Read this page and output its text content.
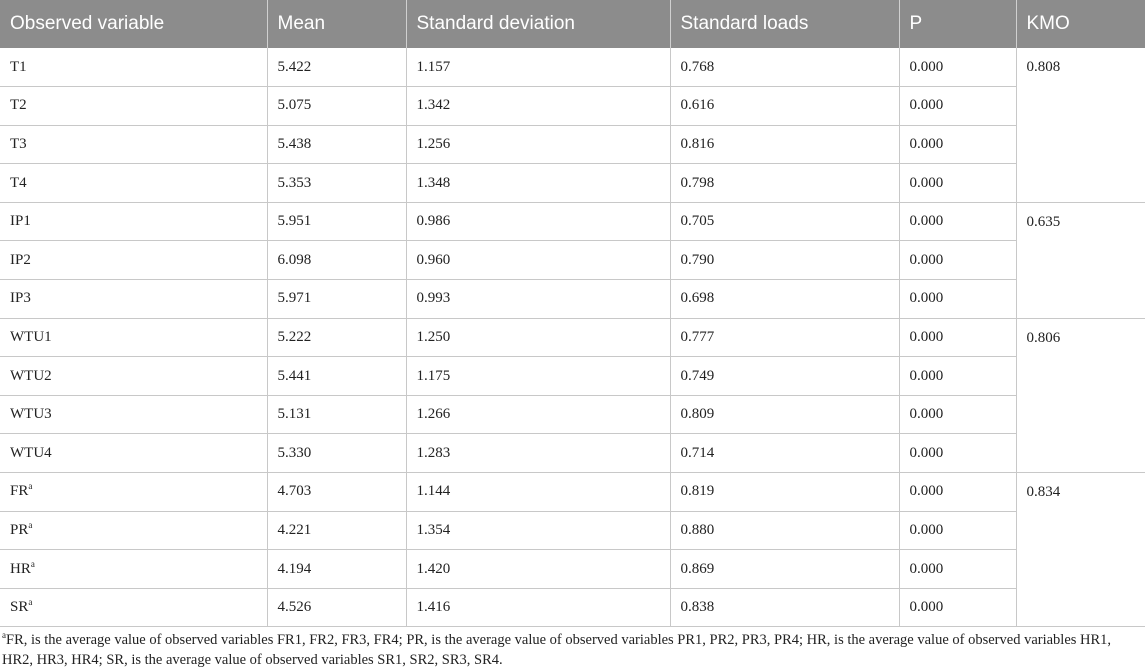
Observed variable	Mean	Standard deviation	Standard loads	P	KMO
T1	5.422	1.157	0.768	0.000	0.808
T2	5.075	1.342	0.616	0.000	
T3	5.438	1.256	0.816	0.000	
T4	5.353	1.348	0.798	0.000	
IP1	5.951	0.986	0.705	0.000	0.635
IP2	6.098	0.960	0.790	0.000	
IP3	5.971	0.993	0.698	0.000	
WTU1	5.222	1.250	0.777	0.000	0.806
WTU2	5.441	1.175	0.749	0.000	
WTU3	5.131	1.266	0.809	0.000	
WTU4	5.330	1.283	0.714	0.000	
FR$^a$	4.703	1.144	0.819	0.000	0.834
PR$^a$	4.221	1.354	0.880	0.000	
HR$^a$	4.194	1.420	0.869	0.000	
SR$^a$	4.526	1.416	0.838	0.000	

$^a$FR, is the average value of observed variables FR1, FR2, FR3, FR4; PR, is the average value of observed variables PR1, PR2, PR3, PR4; HR, is the average value of observed variables HR1, HR2, HR3, HR4; SR, is the average value of observed variables SR1, SR2, SR3, SR4.
